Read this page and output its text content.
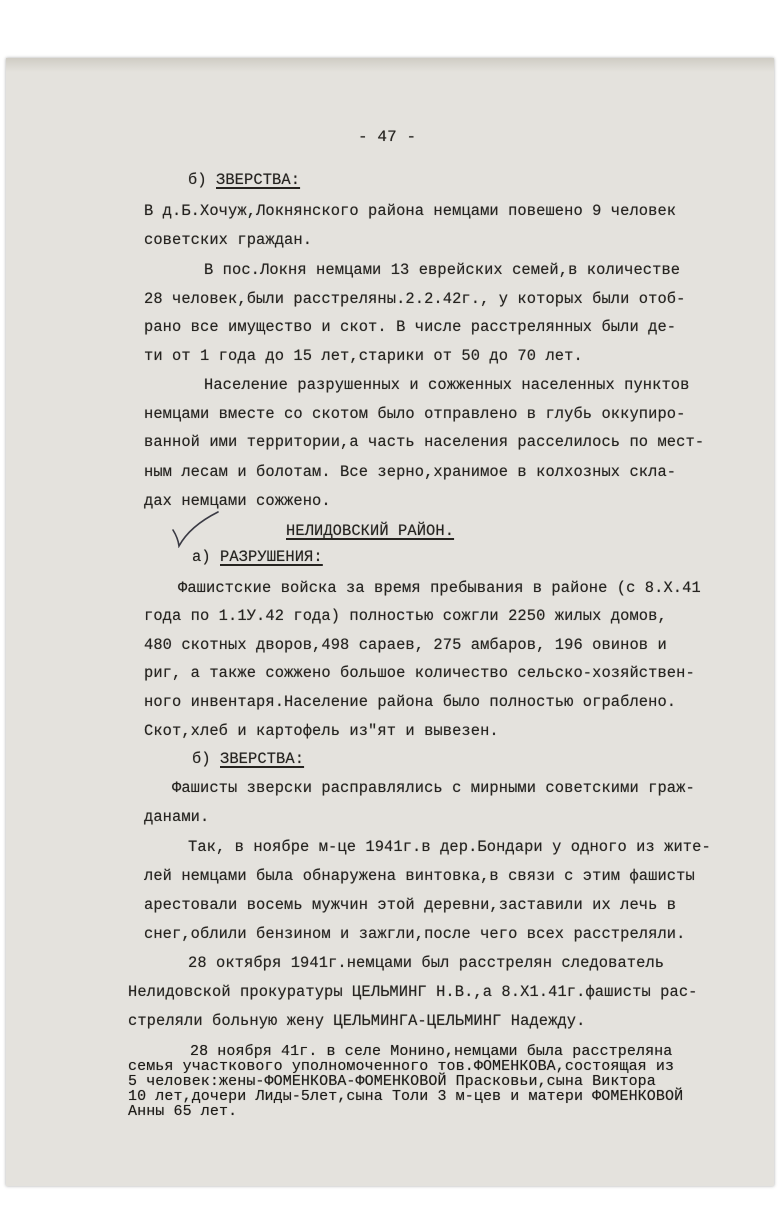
- 47 -
б) ЗВЕРСТВА:
В д.Б.Хочуж,Локнянского района немцами повешено 9 человек
советских граждан.
В пос.Локня немцами 13 еврейских семей,в количестве
28 человек,были расстреляны.2.2.42г., у которых были отоб-
рано все имущество и скот. В числе расстрелянных были де-
ти от 1 года до 15 лет,старики от 50 до 70 лет.
Население разрушенных и сожженных населенных пунктов
немцами вместе со скотом было отправлено в глубь оккупиро-
ванной ими территории,а часть населения расселилось по мест-
ным лесам и болотам. Все зерно,хранимое в колхозных скла-
дах немцами сожжено.
НЕЛИДОВСКИЙ РАЙОН.
а) РАЗРУШЕНИЯ:
Фашистские войска за время пребывания в районе (с 8.Х.41
года по 1.1У.42 года) полностью сожгли 2250 жилых домов,
480 скотных дворов,498 сараев, 275 амбаров, 196 овинов и
риг, а также сожжено большое количество сельско-хозяйствен-
ного инвентаря.Население района было полностью ограблено.
Скот,хлеб и картофель из"ят и вывезен.
б) ЗВЕРСТВА:
Фашисты зверски расправлялись с мирными советскими граж-
данами.
Так, в ноябре м-це 1941г.в дер.Бондари у одного из жите-
лей немцами была обнаружена винтовка,в связи с этим фашисты
арестовали восемь мужчин этой деревни,заставили их лечь в
снег,облили бензином и зажгли,после чего всех расстреляли.
28 октября 1941г.немцами был расстрелян следователь
Нелидовской прокуратуры ЦЕЛЬМИНГ Н.В.,а 8.Х1.41г.фашисты рас-
стреляли больную жену ЦЕЛЬМИНГА-ЦЕЛЬМИНГ Надежду.
28 ноября 41г. в селе Монино,немцами была расстреляна
семья участкового уполномоченного тов.ФОМЕНКОВА,состоящая из
5 человек:жены-ФОМЕНКОВА-ФОМЕНКОВОЙ Прасковьи,сына Виктора
10 лет,дочери Лиды-5лет,сына Толи 3 м-цев и матери ФОМЕНКОВОЙ
Анны 65 лет.
